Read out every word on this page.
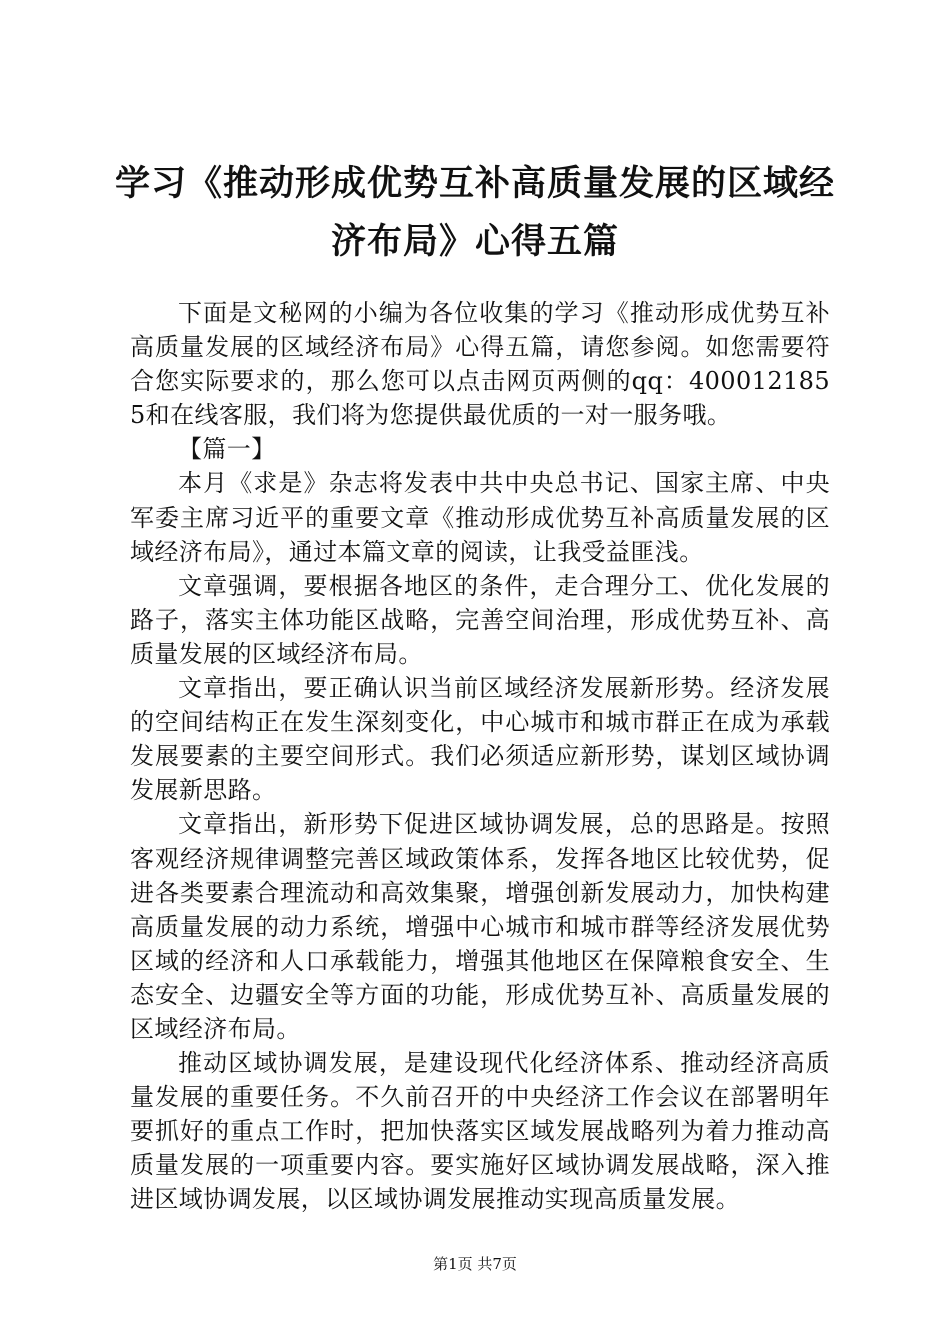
学习《推动形成优势互补高质量发展的区域经
济布局》心得五篇

下面是文秘网的小编为各位收集的学习《推动形成优势互补高质量发展的区域经济布局》心得五篇，请您参阅。如您需要符合您实际要求的，那么您可以点击网页两侧的qq：4000121855和在线客服，我们将为您提供最优质的一对一服务哦。

【篇一】

本月《求是》杂志将发表中共中央总书记、国家主席、中央军委主席习近平的重要文章《推动形成优势互补高质量发展的区域经济布局》，通过本篇文章的阅读，让我受益匪浅。

文章强调，要根据各地区的条件，走合理分工、优化发展的路子，落实主体功能区战略，完善空间治理，形成优势互补、高质量发展的区域经济布局。

文章指出，要正确认识当前区域经济发展新形势。经济发展的空间结构正在发生深刻变化，中心城市和城市群正在成为承载发展要素的主要空间形式。我们必须适应新形势，谋划区域协调发展新思路。

文章指出，新形势下促进区域协调发展，总的思路是。按照客观经济规律调整完善区域政策体系，发挥各地区比较优势，促进各类要素合理流动和高效集聚，增强创新发展动力，加快构建高质量发展的动力系统，增强中心城市和城市群等经济发展优势区域的经济和人口承载能力，增强其他地区在保障粮食安全、生态安全、边疆安全等方面的功能，形成优势互补、高质量发展的区域经济布局。

推动区域协调发展，是建设现代化经济体系、推动经济高质量发展的重要任务。不久前召开的中央经济工作会议在部署明年要抓好的重点工作时，把加快落实区域发展战略列为着力推动高质量发展的一项重要内容。要实施好区域协调发展战略，深入推进区域协调发展，以区域协调发展推动实现高质量发展。

第1页 共7页
